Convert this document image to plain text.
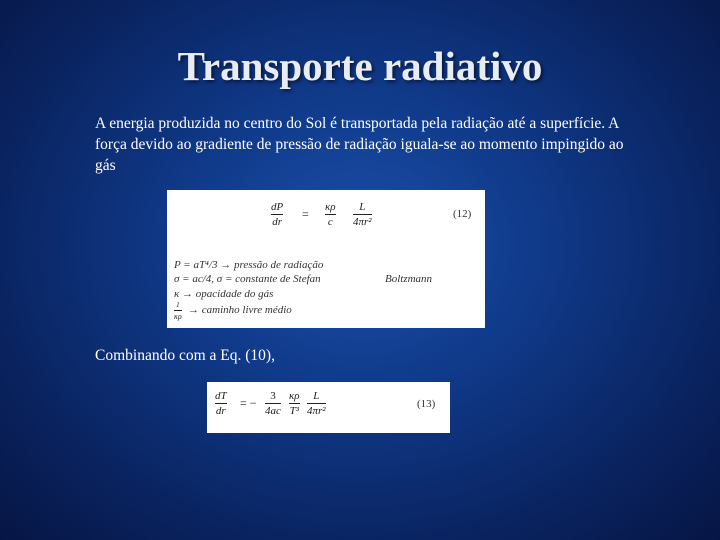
Transporte radiativo
A energia produzida no centro do Sol é transportada pela radiação até a superfície. A força devido ao gradiente de pressão de radiação iguala-se ao momento impingido ao gás
dP
dr
= κρ
c
L
4πr²
(12)
P = aT⁴/3 → pressão de radiação
σ = ac/4, σ = constante de Stefan	Boltzmann
κ → opacidade do gás
1
κρ
→ caminho livre médio
Combinando com a Eq. (10),
dT
dr
= − 3
4ac
κρ
T³
L
4πr²
(13)
